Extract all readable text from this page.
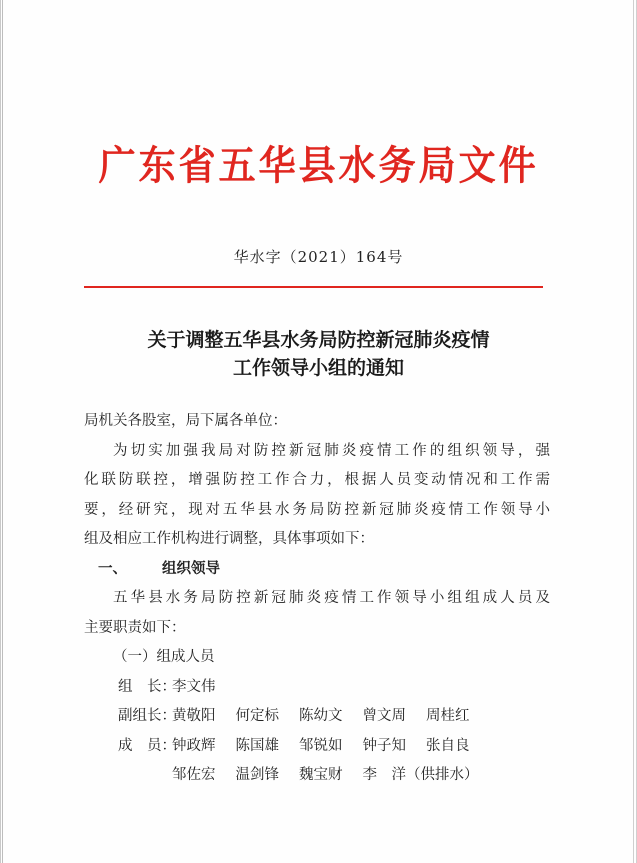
广东省五华县水务局文件
华水字（2021）164号
关于调整五华县水务局防控新冠肺炎疫情
工作领导小组的通知
局机关各股室，局下属各单位：
为切实加强我局对防控新冠肺炎疫情工作的组织领导，强
化联防联控，增强防控工作合力，根据人员变动情况和工作需
要，经研究，现对五华县水务局防控新冠肺炎疫情工作领导小
组及相应工作机构进行调整，具体事项如下：
一、 组织领导
五华县水务局防控新冠肺炎疫情工作领导小组组成人员及
主要职责如下：
（一）组成人员
组　长：
李文伟
副组长：
黄敬阳 何定标 陈幼文 曾文周 周桂红
成　员：
钟政辉 陈国雄 邹锐如 钟子知 张自良
邹佐宏 温剑锋 魏宝财 李　洋（供排水）
